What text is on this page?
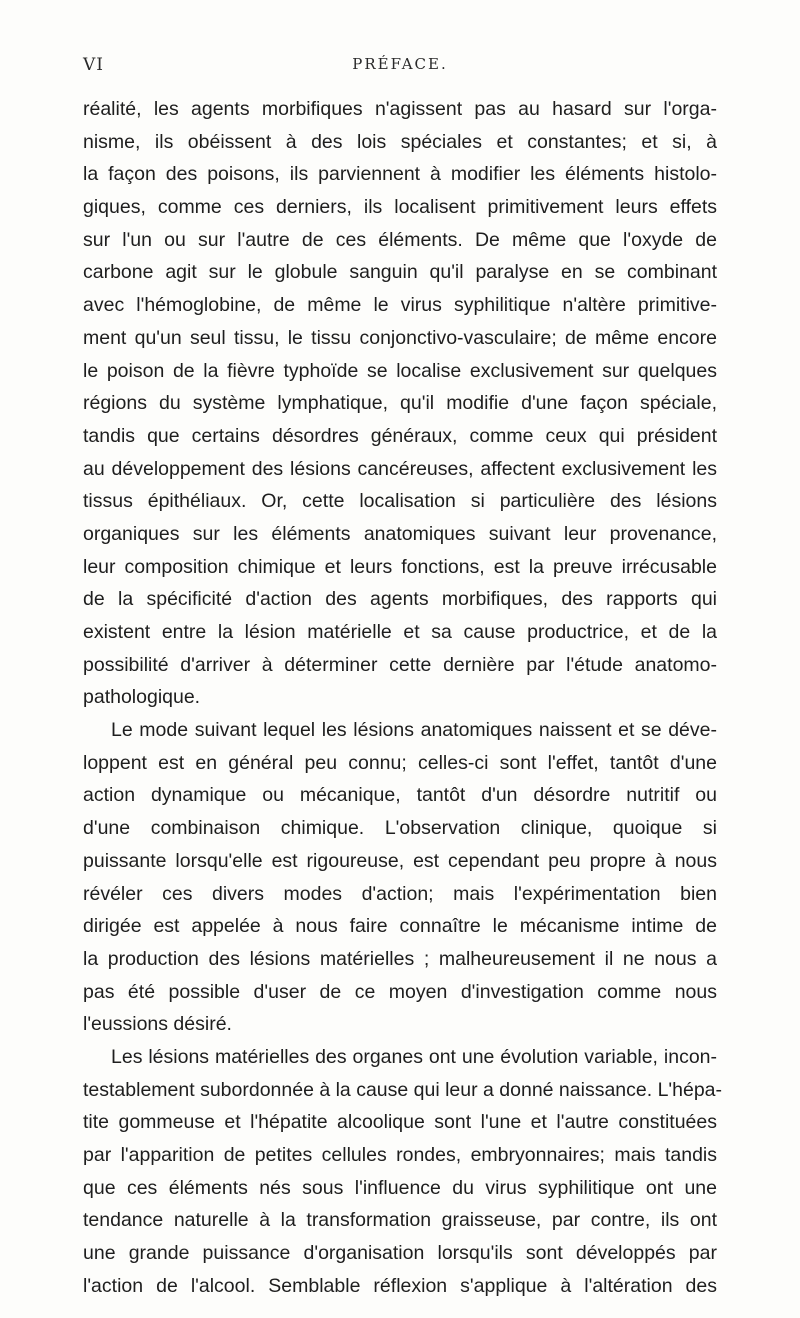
VI	PRÉFACE.
réalité, les agents morbifiques n'agissent pas au hasard sur l'orga-
nisme, ils obéissent à des lois spéciales et constantes; et si, à
la façon des poisons, ils parviennent à modifier les éléments histolo-
giques, comme ces derniers, ils localisent primitivement leurs effets
sur l'un ou sur l'autre de ces éléments. De même que l'oxyde de
carbone agit sur le globule sanguin qu'il paralyse en se combinant
avec l'hémoglobine, de même le virus syphilitique n'altère primitive-
ment qu'un seul tissu, le tissu conjonctivo-vasculaire; de même encore
le poison de la fièvre typhoïde se localise exclusivement sur quelques
régions du système lymphatique, qu'il modifie d'une façon spéciale,
tandis que certains désordres généraux, comme ceux qui président
au développement des lésions cancéreuses, affectent exclusivement les
tissus épithéliaux. Or, cette localisation si particulière des lésions
organiques sur les éléments anatomiques suivant leur provenance,
leur composition chimique et leurs fonctions, est la preuve irrécusable
de la spécificité d'action des agents morbifiques, des rapports qui
existent entre la lésion matérielle et sa cause productrice, et de la
possibilité d'arriver à déterminer cette dernière par l'étude anatomo-
pathologique.
Le mode suivant lequel les lésions anatomiques naissent et se déve-
loppent est en général peu connu; celles-ci sont l'effet, tantôt d'une
action dynamique ou mécanique, tantôt d'un désordre nutritif ou
d'une combinaison chimique. L'observation clinique, quoique si
puissante lorsqu'elle est rigoureuse, est cependant peu propre à nous
révéler ces divers modes d'action; mais l'expérimentation bien
dirigée est appelée à nous faire connaître le mécanisme intime de
la production des lésions matérielles ; malheureusement il ne nous a
pas été possible d'user de ce moyen d'investigation comme nous
l'eussions désiré.
Les lésions matérielles des organes ont une évolution variable, incon-
testablement subordonnée à la cause qui leur a donné naissance. L'hépa-
tite gommeuse et l'hépatite alcoolique sont l'une et l'autre constituées
par l'apparition de petites cellules rondes, embryonnaires; mais tandis
que ces éléments nés sous l'influence du virus syphilitique ont une
tendance naturelle à la transformation graisseuse, par contre, ils ont
une grande puissance d'organisation lorsqu'ils sont développés par
l'action de l'alcool. Semblable réflexion s'applique à l'altération des
